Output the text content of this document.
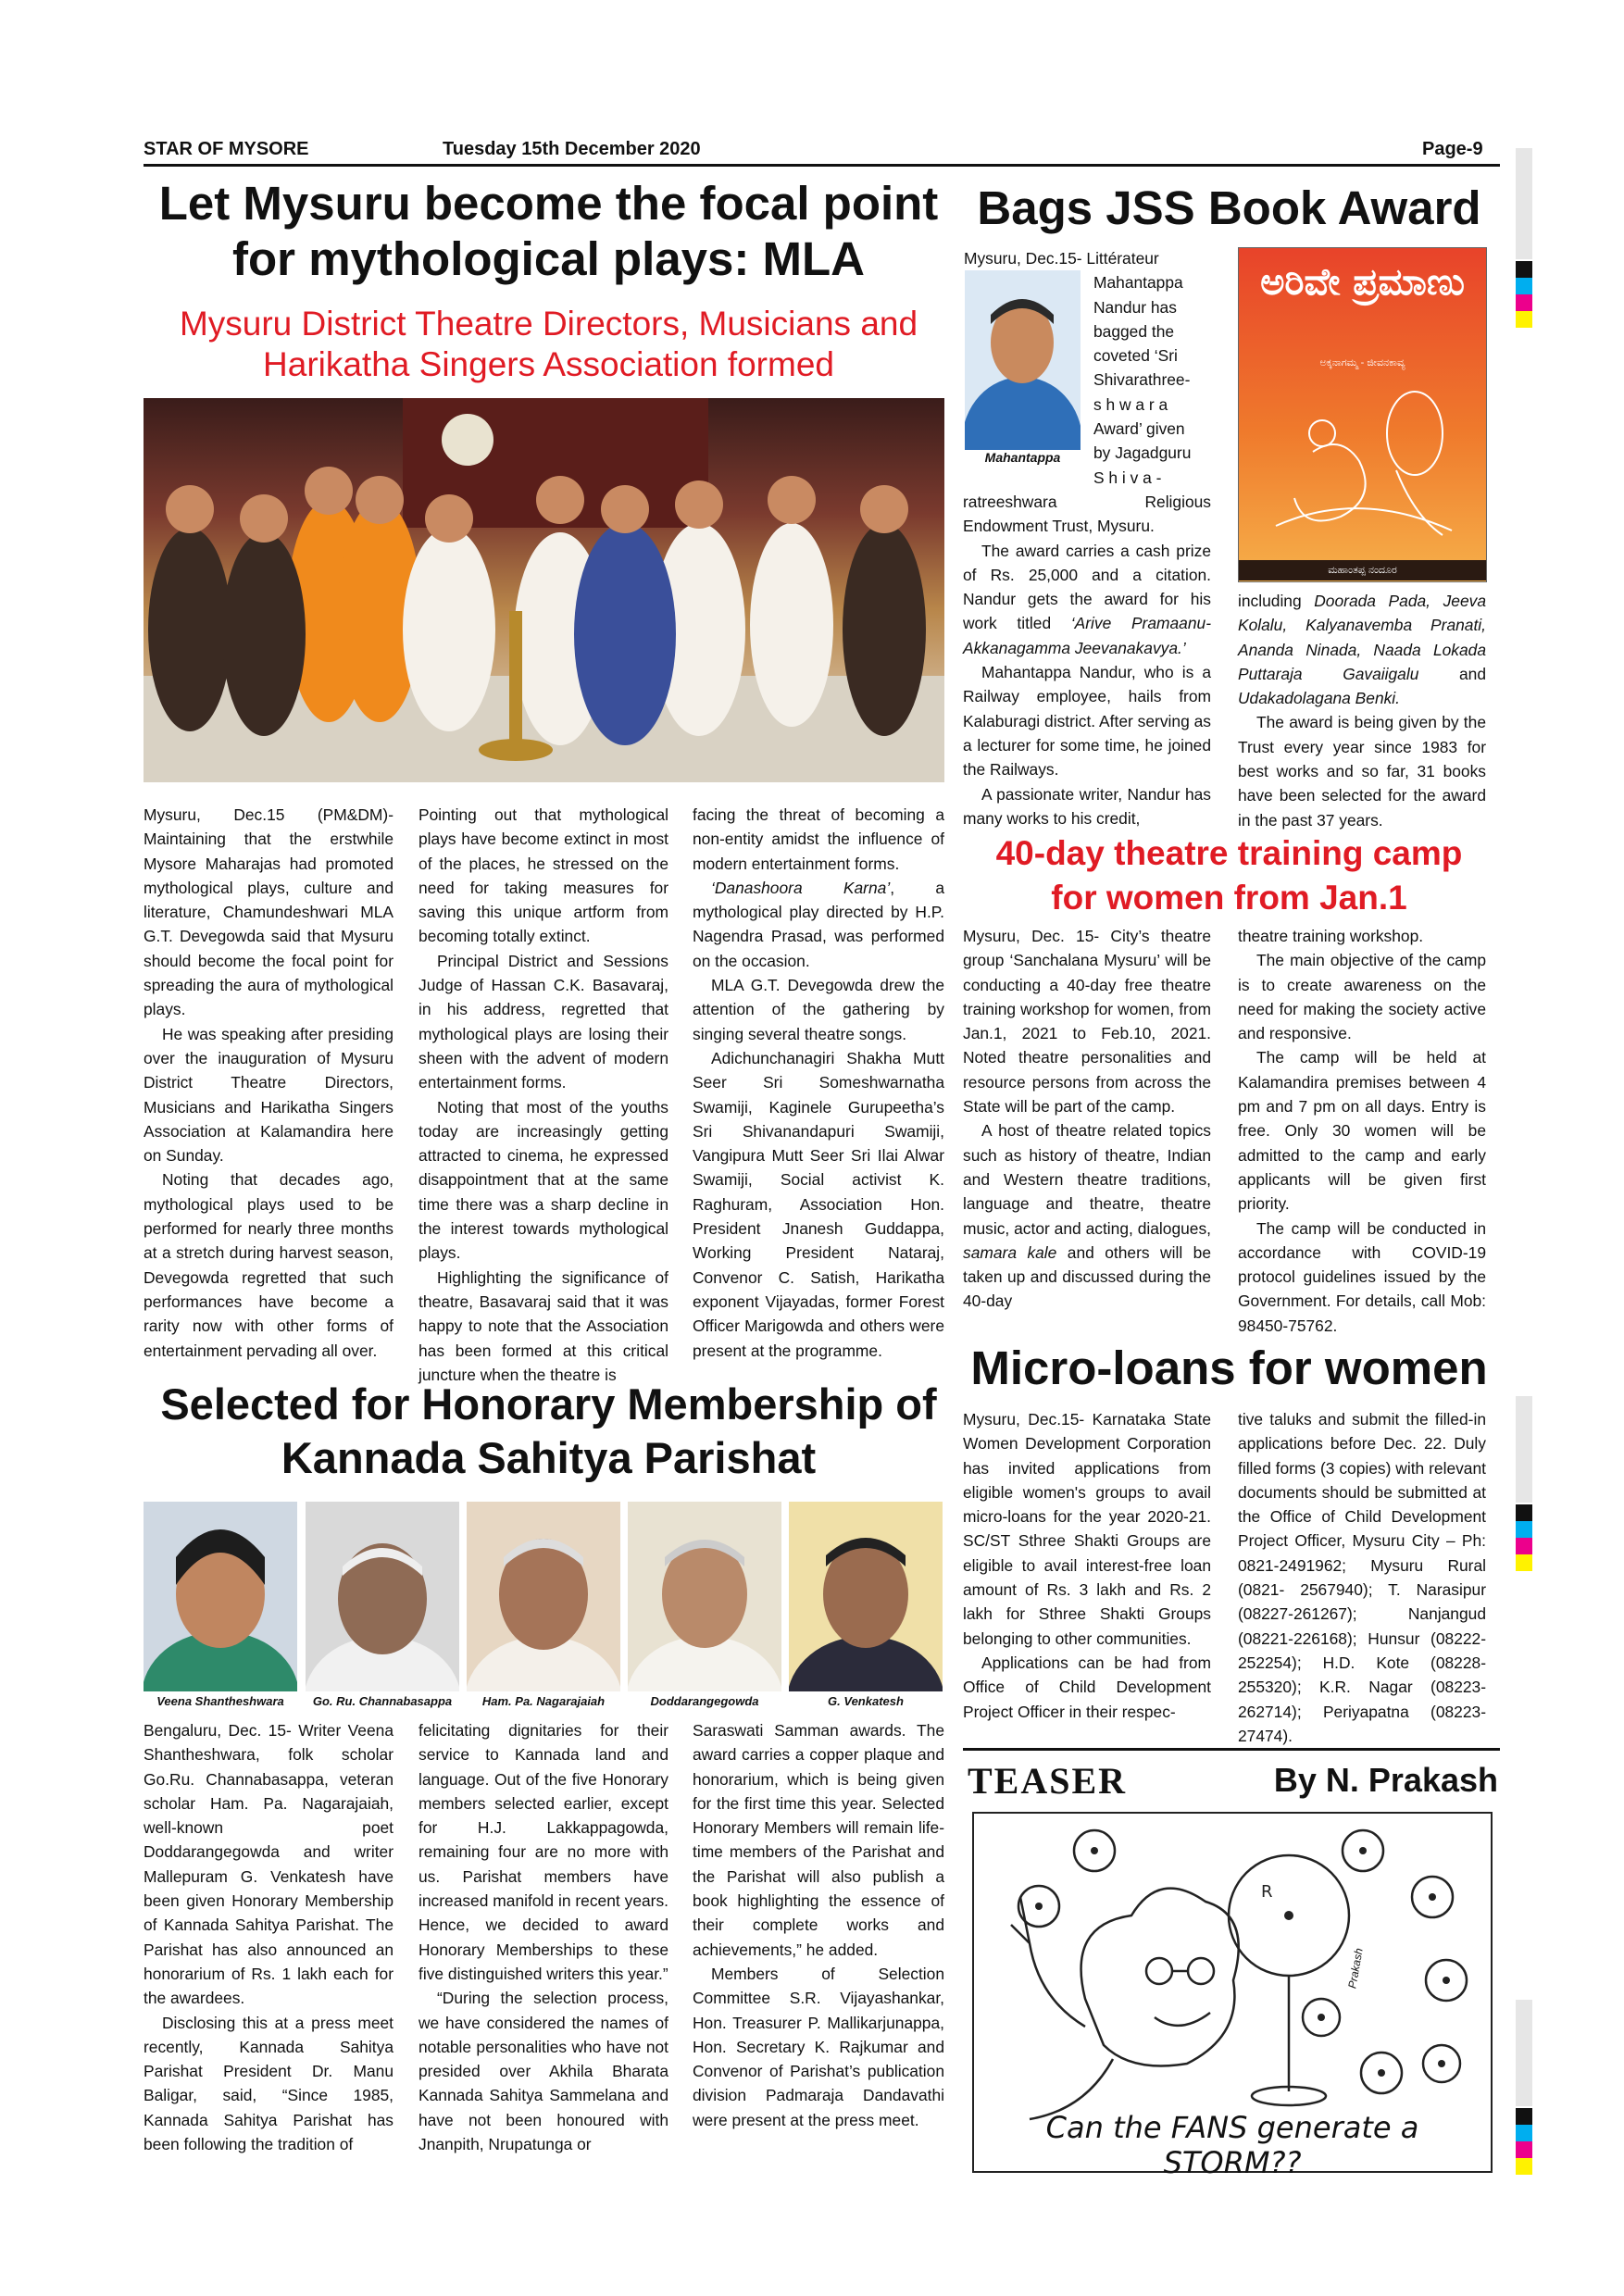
STAR OF MYSORE	Tuesday 15th December 2020	Page-9
Let Mysuru become the focal point
for mythological plays: MLA
Mysuru District Theatre Directors, Musicians and
Harikatha Singers Association formed

Mysuru, Dec.15 (PM&DM)- Maintaining that the erstwhile Mysore Maharajas had promoted mythological plays, culture and literature, Chamundeshwari MLA G.T. Devegowda said that Mysuru should become the focal point for spreading the aura of mythological plays.

He was speaking after presiding over the inauguration of Mysuru District Theatre Directors, Musicians and Harikatha Singers Association at Kalamandira here on Sunday.

Noting that decades ago, mythological plays used to be performed for nearly three months at a stretch during harvest season, Devegowda regretted that such performances have become a rarity now with other forms of entertainment pervading all over.

Pointing out that mythological plays have become extinct in most of the places, he stressed on the need for taking measures for saving this unique artform from becoming totally extinct.

Principal District and Sessions Judge of Hassan C.K. Basavaraj, in his address, regretted that mythological plays are losing their sheen with the advent of modern entertainment forms.

Noting that most of the youths today are increasingly getting attracted to cinema, he expressed disappointment that at the same time there was a sharp decline in the interest towards mythological plays.

Highlighting the significance of theatre, Basavaraj said that it was happy to note that the Association has been formed at this critical juncture when the theatre is

facing the threat of becoming a non-entity amidst the influence of modern entertainment forms.

‘Danashoora Karna’, a mythological play directed by H.P. Nagendra Prasad, was performed on the occasion.

MLA G.T. Devegowda drew the attention of the gathering by singing several theatre songs.

Adichunchanagiri Shakha Mutt Seer Sri Someshwarnatha Swamiji, Kaginele Gurupeetha’s Sri Shivanandapuri Swamiji, Vangipura Mutt Seer Sri Ilai Alwar Swamiji, Social activist K. Raghuram, Association Hon. President Jnanesh Guddappa, Working President Nataraj, Convenor C. Satish, Harikatha exponent Vijayadas, former Forest Officer Marigowda and others were present at the programme.

Bags JSS Book Award
Mahantappa
Mysuru, Dec.15- Littérateur
Mahantappa
Nandur has
bagged the
coveted ‘Sri
Shivarathree-
s h w a r a
Award’ given
by Jagadguru
S h i v a -

ratreeshwara Religious Endowment Trust, Mysuru.

The award carries a cash prize of Rs. 25,000 and a citation. Nandur gets the award for his work titled ‘Arive Pramaanu-Akkanagamma Jeevanakavya.’

Mahantappa Nandur, who is a Railway employee, hails from Kalaburagi district. After serving as a lecturer for some time, he joined the Railways.

A passionate writer, Nandur has many works to his credit,

ಅರಿವೇ ಪ್ರಮಾಣು
ಅಕ್ಕನಾಗಮ್ಮ - ಜೀವನಕಾವ್ಯ
ಮಹಾಂತಪ್ಪ ನಂದೂರ

including Doorada Pada, Jeeva Kolalu, Kalyanavemba Pranati, Ananda Ninada, Naada Lokada Puttaraja Gavaiigalu and Udakadolagana Benki.

The award is being given by the Trust every year since 1983 for best works and so far, 31 books have been selected for the award in the past 37 years.

40-day theatre training camp
for women from Jan.1

Mysuru, Dec. 15- City’s theatre group ‘Sanchalana Mysuru’ will be conducting a 40-day free theatre training workshop for women, from Jan.1, 2021 to Feb.10, 2021. Noted theatre personalities and resource persons from across the State will be part of the camp.

A host of theatre related topics such as history of theatre, Indian and Western theatre traditions, language and theatre, theatre music, actor and acting, dialogues, samara kale and others will be taken up and discussed during the 40-day

theatre training workshop.

The main objective of the camp is to create awareness on the need for making the society active and responsive.

The camp will be held at Kalamandira premises between 4 pm and 7 pm on all days. Entry is free. Only 30 women will be admitted to the camp and early applicants will be given first priority.

The camp will be conducted in accordance with COVID-19 protocol guidelines issued by the Government. For details, call Mob: 98450-75762.

Micro-loans for women

Mysuru, Dec.15- Karnataka State Women Development Corporation has invited applications from eligible women's groups to avail micro-loans for the year 2020-21. SC/ST Sthree Shakti Groups are eligible to avail interest-free loan amount of Rs. 3 lakh and Rs. 2 lakh for Sthree Shakti Groups belonging to other communities.

Applications can be had from Office of Child Development Project Officer in their respec-

tive taluks and submit the filled-in applications before Dec. 22. Duly filled forms (3 copies) with relevant documents should be submitted at the Office of Child Development Project Officer, Mysuru City – Ph: 0821-2491962; Mysuru Rural (0821- 2567940); T. Narasipur (08227-261267); Nanjangud (08221-226168); Hunsur (08222-252254); H.D. Kote (08228-255320); K.R. Nagar (08223-262714); Periyapatna (08223-27474).

Selected for Honorary Membership of
Kannada Sahitya Parishat
Veena Shantheshwara	Go. Ru. Channabasappa	Ham. Pa. Nagarajaiah	Doddarangegowda	G. Venkatesh

Bengaluru, Dec. 15- Writer Veena Shantheshwara, folk scholar Go.Ru. Channabasappa, veteran scholar Ham. Pa. Nagarajaiah, well-known poet Doddarangegowda and writer Mallepuram G. Venkatesh have been given Honorary Membership of Kannada Sahitya Parishat. The Parishat has also announced an honorarium of Rs. 1 lakh each for the awardees.

Disclosing this at a press meet recently, Kannada Sahitya Parishat President Dr. Manu Baligar, said, “Since 1985, Kannada Sahitya Parishat has been following the tradition of

felicitating dignitaries for their service to Kannada land and language. Out of the five Honorary members selected earlier, except for H.J. Lakkappagowda, remaining four are no more with us. Parishat members have increased manifold in recent years. Hence, we decided to award Honorary Memberships to these five distinguished writers this year.”

“During the selection process, we have considered the names of notable personalities who have not presided over Akhila Bharata Kannada Sahitya Sammelana and have not been honoured with Jnanpith, Nrupatunga or

Saraswati Samman awards. The award carries a copper plaque and honorarium, which is being given for the first time this year. Selected Honorary Members will remain life-time members of the Parishat and the Parishat will also publish a book highlighting the essence of their complete works and achievements,” he added.

Members of Selection Committee S.R. Vijayashankar, Hon. Treasurer P. Mallikarjunappa, Hon. Secretary K. Rajkumar and Convenor of Parishat’s publication division Padmaraja Dandavathi were present at the press meet.

TEASER	By N. Prakash
R
Prakash
Can the FANS generate a STORM??
